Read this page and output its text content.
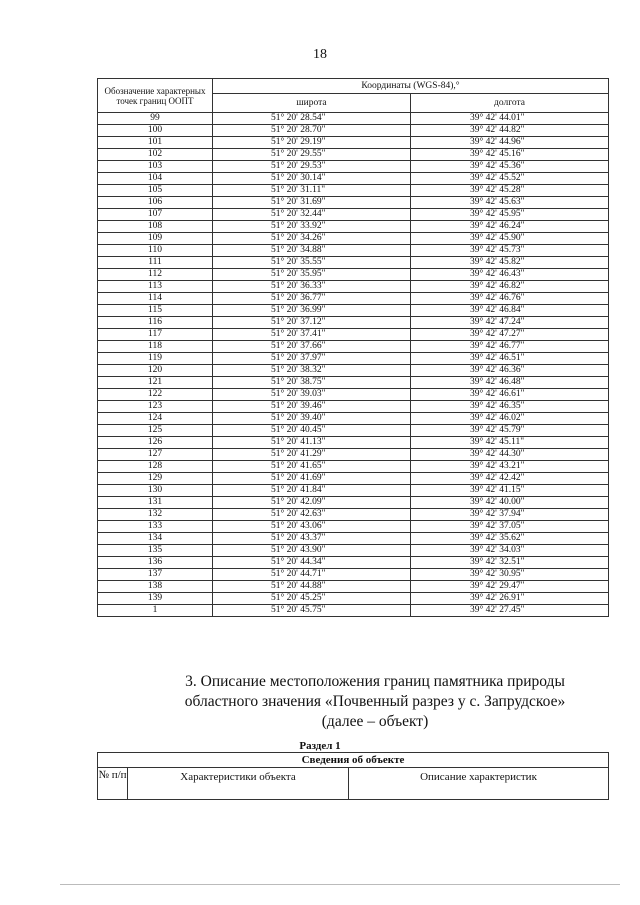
18
Обозначение характерных точек границ ООПТ	Координаты (WGS-84),°	
	широта	долгота
99	51° 20' 28.54"	39° 42' 44.01"
100	51° 20' 28.70"	39° 42' 44.82"
101	51° 20' 29.19"	39° 42' 44.96"
102	51° 20' 29.55"	39° 42' 45.16"
103	51° 20' 29.53"	39° 42' 45.36"
104	51° 20' 30.14"	39° 42' 45.52"
105	51° 20' 31.11"	39° 42' 45.28"
106	51° 20' 31.69"	39° 42' 45.63"
107	51° 20' 32.44"	39° 42' 45.95"
108	51° 20' 33.92"	39° 42' 46.24"
109	51° 20' 34.26"	39° 42' 45.90"
110	51° 20' 34.88"	39° 42' 45.73"
111	51° 20' 35.55"	39° 42' 45.82"
112	51° 20' 35.95"	39° 42' 46.43"
113	51° 20' 36.33"	39° 42' 46.82"
114	51° 20' 36.77"	39° 42' 46.76"
115	51° 20' 36.99"	39° 42' 46.84"
116	51° 20' 37.12"	39° 42' 47.24"
117	51° 20' 37.41"	39° 42' 47.27"
118	51° 20' 37.66"	39° 42' 46.77"
119	51° 20' 37.97"	39° 42' 46.51"
120	51° 20' 38.32"	39° 42' 46.36"
121	51° 20' 38.75"	39° 42' 46.48"
122	51° 20' 39.03"	39° 42' 46.61"
123	51° 20' 39.46"	39° 42' 46.35"
124	51° 20' 39.40"	39° 42' 46.02"
125	51° 20' 40.45"	39° 42' 45.79"
126	51° 20' 41.13"	39° 42' 45.11"
127	51° 20' 41.29"	39° 42' 44.30"
128	51° 20' 41.65"	39° 42' 43.21"
129	51° 20' 41.69"	39° 42' 42.42"
130	51° 20' 41.84"	39° 42' 41.15"
131	51° 20' 42.09"	39° 42' 40.00"
132	51° 20' 42.63"	39° 42' 37.94"
133	51° 20' 43.06"	39° 42' 37.05"
134	51° 20' 43.37"	39° 42' 35.62"
135	51° 20' 43.90"	39° 42' 34.03"
136	51° 20' 44.34"	39° 42' 32.51"
137	51° 20' 44.71"	39° 42' 30.95"
138	51° 20' 44.88"	39° 42' 29.47"
139	51° 20' 45.25"	39° 42' 26.91"
1	51° 20' 45.75"	39° 42' 27.45"
3. Описание местоположения границ памятника природы
областного значения «Почвенный разрез у с. Запрудское»
(далее – объект)
Раздел 1
Сведения об объекте
№ п/п	Характеристики объекта	Описание характеристик
